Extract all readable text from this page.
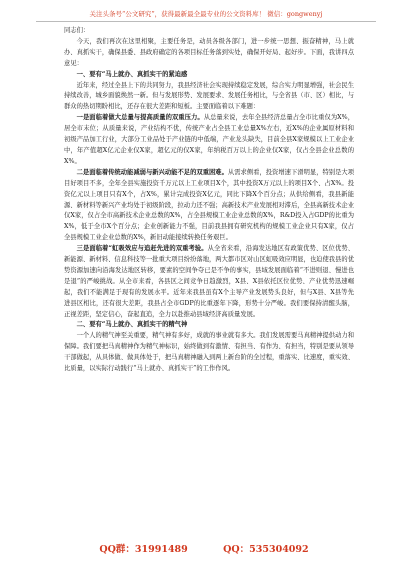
关注头条号“公文研究”，获得最新最全最专业的公文资料库！ 微信：gongwenyj

同志们：

今天，我们再次在这里相聚，主要任务是，动员各级各部门，进一步统一思想、振奋精神，马上就办、真抓实干，确保县委、县政府确定的各项目标任务落到实处，确保开好局、起好步。下面，我讲四点意见：

一、要有“马上就办、真抓实干的紧迫感

近年来，经过全县上下的共同努力，我县经济社会实现持续稳定发展，综合实力明显增强，社会民生持续改善，城乡面貌焕然一新。但与发展形势、发展要求、发展任务相比，与全省县（市、区）相比，与群众的热切期盼相比，还存在很大差距和短板。主要面临着以下难题：

一是面临着做大总量与提高质量的双重压力。从总量来说，去年全县经济总量占全市比重仅为X%，居全市末位；从质量来说，产业结构不优，传统产业占全县工业总量X%左右，近X%的企业属原材料和初级产品加工行业，大部分工业品处于产业链的中低端，产业龙头缺失，目前全县X家规模以上工业企业中，年产值超X亿元企业仅X家，超亿元的仅X家，年纳税百万以上的企业仅X家，仅占全县企业总数的X%。

二是面临着传统动能减弱与新兴动能不足的双重困难。从需求侧看，投资增速下滑明显，特别是大项目好项目不多，全年全县实施投资千万元以上工业项目X个，其中投资X万元以上的项目X个、占X%。投资亿元以上项目只有X个，占X%，累计完成投资X亿元，同比下降X个百分点；从供给侧看，我县新能源、新材料等新兴产业均处于初级阶段，拉动力还不强；高新技术产业发展相对滞后，全县高新技术企业仅X家，仅占全市高新技术企业总数的X%，占全县规模工业企业总数的X%，R&D投入占GDP的比重为X%，低于全市X个百分点；企业创新能力不强，目前我县拥有研究机构的规模工业企业只有X家，仅占全县规模工业企业总数的X%，新旧动能接续转换任务艰巨。

三是面临着“虹吸效应与追赶先进的双重考验。从全省来看，沿海发达地区有政策优势、区位优势、新能源、新材料、信息科技等一批重大项目纷纷落地，两大都市区对山区虹吸效应明显，也迫使我县的优势资源加速向沿海发达地区转移，要素的空间争夺已是不争的事实，县域发展面临着“不进则退、慢进也是退”的严峻挑战。从全市来看，各县区之间竞争日趋激烈，X县、X县依托区位优势、产业优势迅速崛起，我们不能满足于现有的发展水平。近年来我县虽有X个主导产业发展势头良好，但与X县、X县等先进县区相比，还有很大差距，我县占全市GDP的比重逐年下降，形势十分严峻。我们要保持清醒头脑，正视差距，坚定信心，奋起直追，全力以赴推动县域经济高质量发展。

二、要有“马上就办、真抓实干的精气神

一个人的精气神至关重要，精气神有多好，成就的事业就有多大。我们发展需要马真精神提供动力和保障。我们要把马真精神作为精气神标识，始终做到有激情、有担当、有作为、有担当，特别是要从领导干部做起，从具体做、做具体处于，把马真精神融入到两上新台阶的全过程，重落实、比速度，重实效、比质量，以实际行动践行“马上就办、真抓实干”的工作作风。

QQ群：31991489	QQ：535304092
